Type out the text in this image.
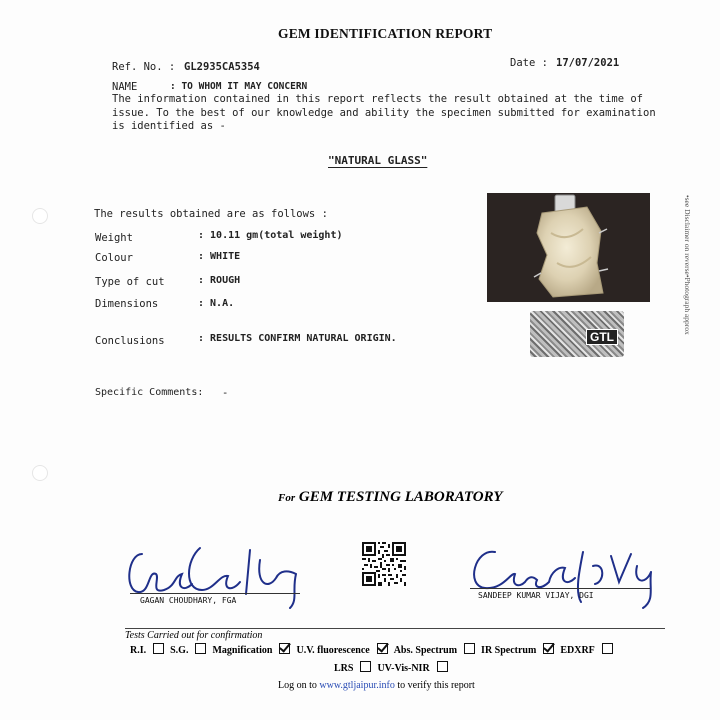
GEM IDENTIFICATION REPORT
Ref. No. : GL2935CA5354	Date : 17/07/2021
NAME	: TO WHOM IT MAY CONCERN
The information contained in this report reflects the result obtained at the time of issue. To the best of our knowledge and ability the specimen submitted for examination is identified as -
"NATURAL GLASS"
The results obtained are as follows :
Weight	: 10.11 gm(total weight)
Colour	: WHITE
Type of cut	: ROUGH
Dimensions	: N.A.
Conclusions	: RESULTS CONFIRM NATURAL ORIGIN.
Specific Comments: -
GTL
•see Disclaimer on reverse•Photograph approx
For GEM TESTING LABORATORY
GAGAN CHOUDHARY, FGA
SANDEEP KUMAR VIJAY, DGI
Tests Carried out for confirmation
R.I. S.G. Magnification U.V. fluorescence Abs. Spectrum IR Spectrum EDXRF
LRS UV-Vis-NIR
Log on to www.gtljaipur.info to verify this report
